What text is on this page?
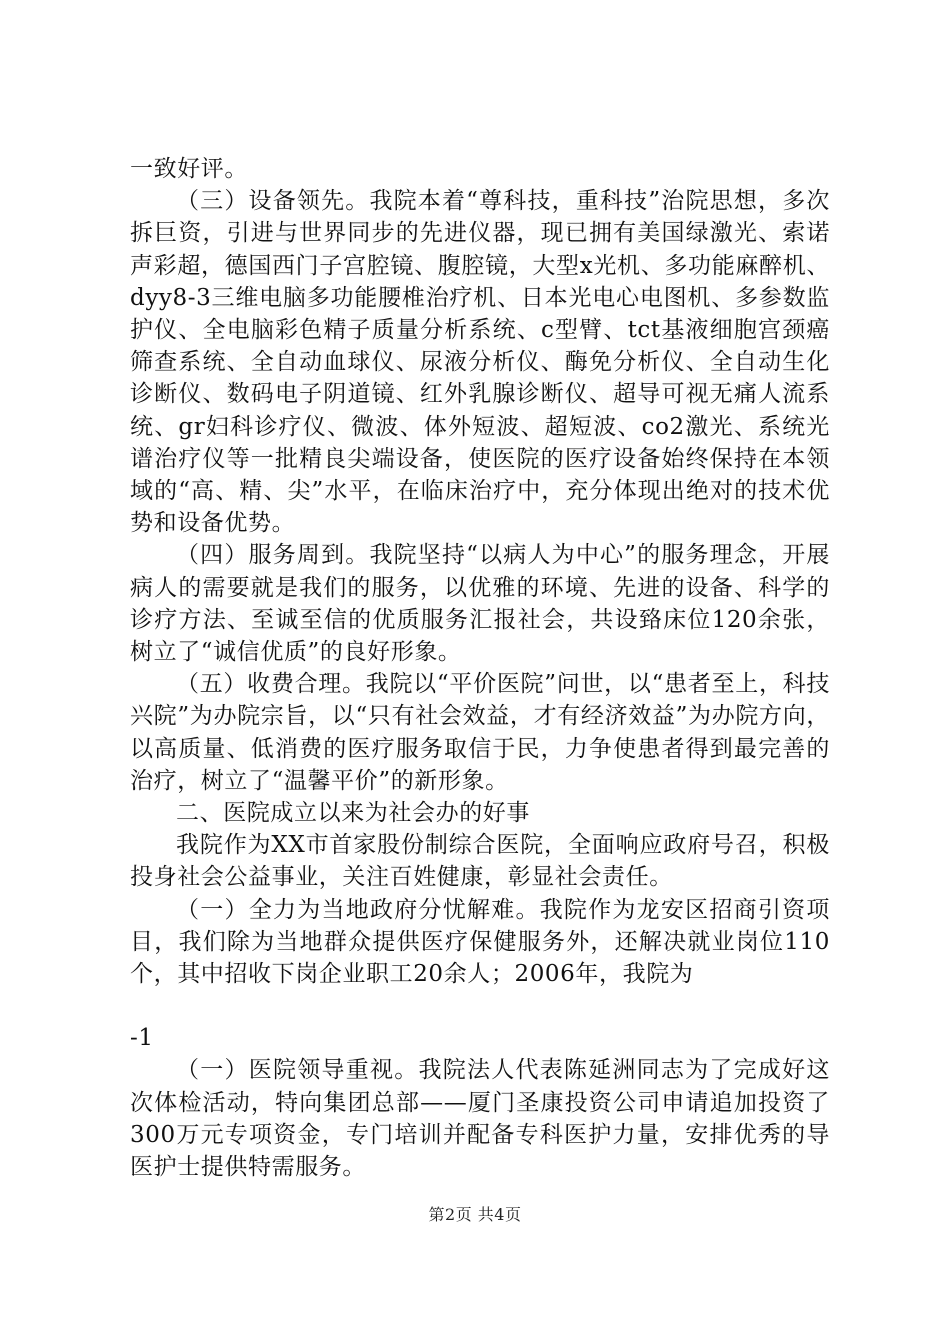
一致好评。

（三）设备领先。我院本着“尊科技，重科技”治院思想，多次拆巨资，引进与世界同步的先进仪器，现已拥有美国绿激光、索诺声彩超，德国西门子宫腔镜、腹腔镜，大型x光机、多功能麻醉机、dyy8-3三维电脑多功能腰椎治疗机、日本光电心电图机、多参数监护仪、全电脑彩色精子质量分析系统、c型臂、tct基液细胞宫颈癌筛查系统、全自动血球仪、尿液分析仪、酶免分析仪、全自动生化诊断仪、数码电子阴道镜、红外乳腺诊断仪、超导可视无痛人流系统、gr妇科诊疗仪、微波、体外短波、超短波、co2激光、系统光谱治疗仪等一批精良尖端设备，使医院的医疗设备始终保持在本领域的“高、精、尖”水平，在临床治疗中，充分体现出绝对的技术优势和设备优势。

（四）服务周到。我院坚持“以病人为中心”的服务理念，开展病人的需要就是我们的服务，以优雅的环境、先进的设备、科学的诊疗方法、至诚至信的优质服务汇报社会，共设臵床位120余张，树立了“诚信优质”的良好形象。

（五）收费合理。我院以“平价医院”问世，以“患者至上，科技兴院”为办院宗旨，以“只有社会效益，才有经济效益”为办院方向，以高质量、低消费的医疗服务取信于民，力争使患者得到最完善的治疗，树立了“温馨平价”的新形象。

二、医院成立以来为社会办的好事

我院作为XX市首家股份制综合医院，全面响应政府号召，积极投身社会公益事业，关注百姓健康，彰显社会责任。

（一）全力为当地政府分忧解难。我院作为龙安区招商引资项目，我们除为当地群众提供医疗保健服务外，还解决就业岗位110个，其中招收下岗企业职工20余人；2006年，我院为

-1

（一）医院领导重视。我院法人代表陈延洲同志为了完成好这次体检活动，特向集团总部——厦门圣康投资公司申请追加投资了300万元专项资金，专门培训并配备专科医护力量，安排优秀的导医护士提供特需服务。

第2页 共4页
